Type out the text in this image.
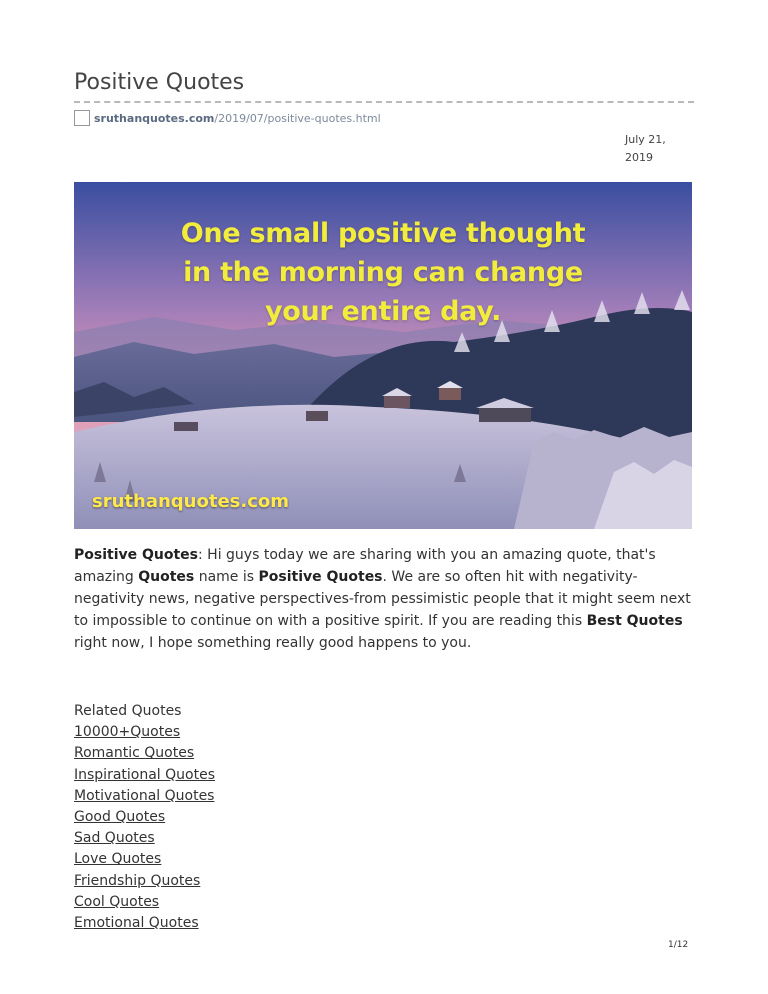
Positive Quotes
sruthanquotes.com /2019/07/positive-quotes.html
July 21, 2019
One small positive thought
in the morning can change
your entire day.
sruthanquotes.com

Positive Quotes: Hi guys today we are sharing with you an amazing quote, that's amazing Quotes name is Positive Quotes. We are so often hit with negativity- negativity news, negative perspectives-from pessimistic people that it might seem next to impossible to continue on with a positive spirit. If you are reading this Best Quotes right now, I hope something really good happens to you.

Related Quotes
10000+Quotes
Romantic Quotes
Inspirational Quotes
Motivational Quotes
Good Quotes
Sad Quotes
Love Quotes
Friendship Quotes
Cool Quotes
Emotional Quotes
1/12
